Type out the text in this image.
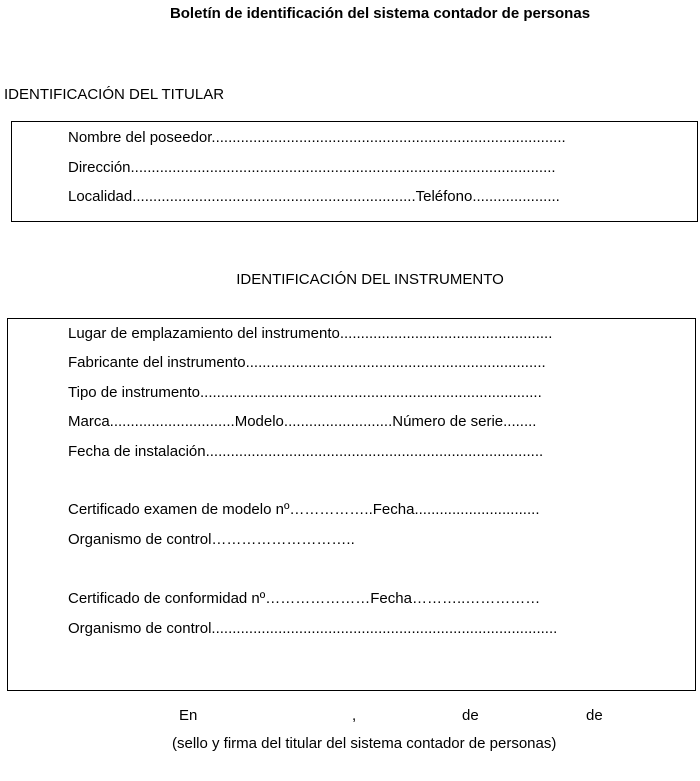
Boletín de identificación del sistema contador de personas
IDENTIFICACIÓN DEL TITULAR
Nombre del poseedor.....................................................................................
Dirección......................................................................................................
Localidad....................................................................Teléfono.....................
IDENTIFICACIÓN DEL INSTRUMENTO
Lugar de emplazamiento del instrumento...................................................
Fabricante del instrumento........................................................................
Tipo de instrumento..................................................................................
Marca..............................Modelo..........................Número de serie........
Fecha de instalación.................................................................................
Certificado examen de modelo nº……………..Fecha..............................
Organismo de control………………………..
Certificado de conformidad nº…………………Fecha………..……………
Organismo de control...................................................................................
En	,	de	de
(sello y firma del titular del sistema contador de personas)
